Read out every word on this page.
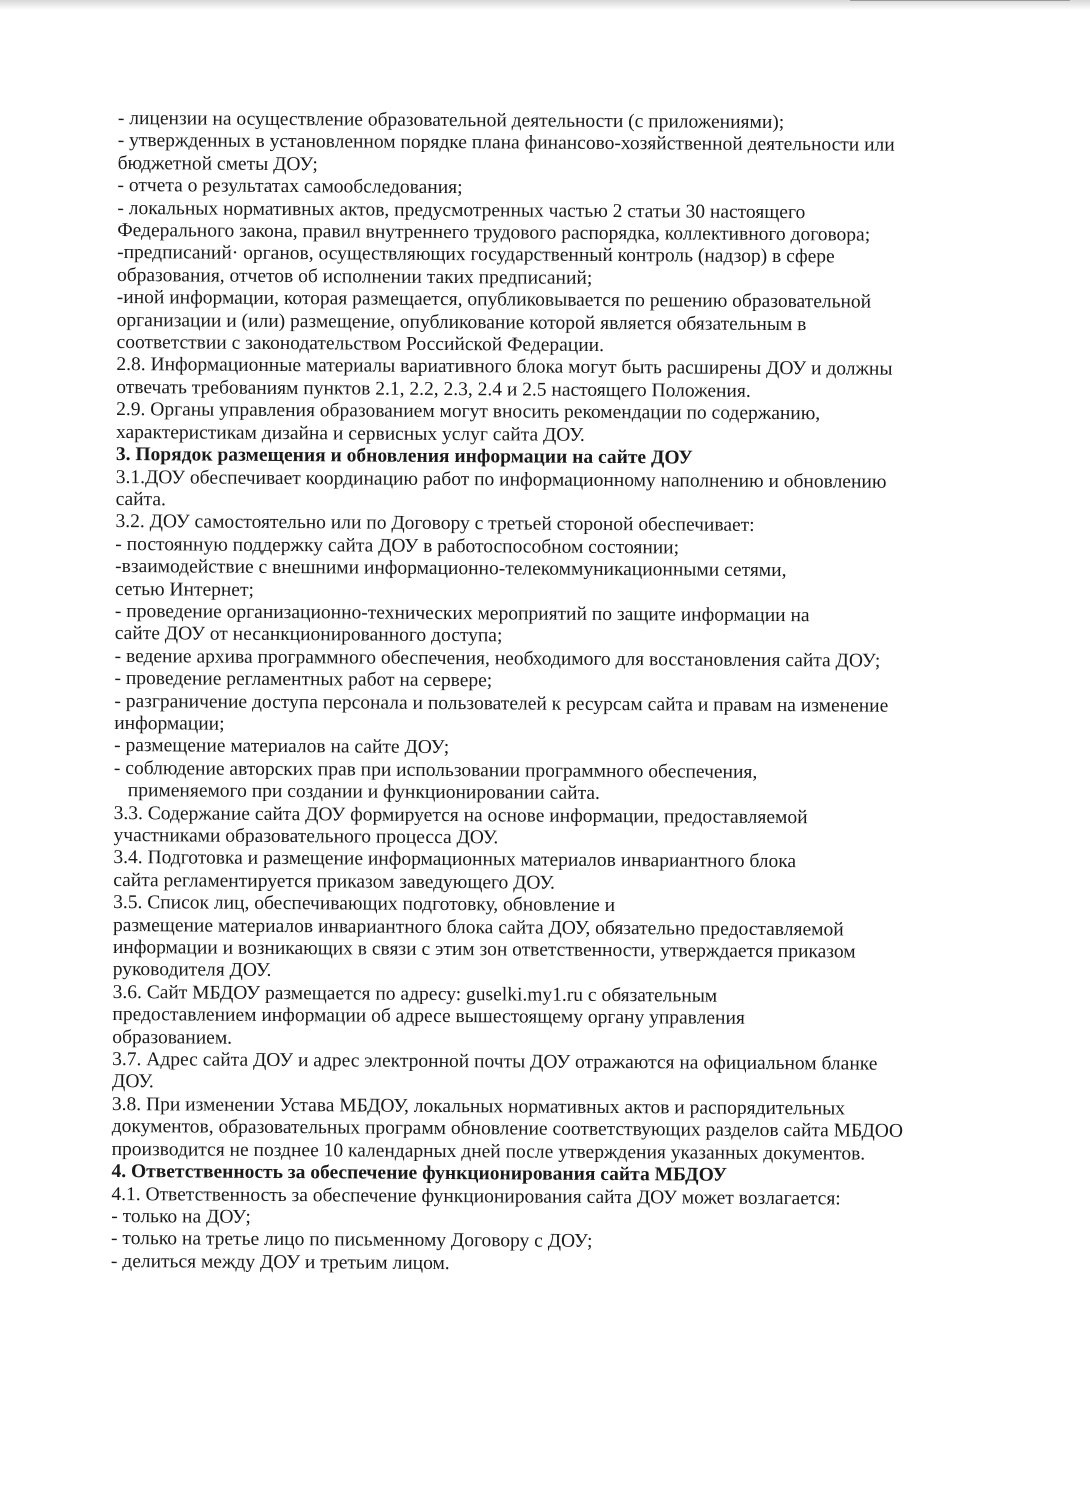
- лицензии на осуществление образовательной деятельности (с приложениями);
- утвержденных в установленном порядке плана финансово-хозяйственной деятельности или
бюджетной сметы ДОУ;
- отчета о результатах самообследования;
- локальных нормативных актов, предусмотренных частью 2 статьи 30 настоящего
Федерального закона, правил внутреннего трудового распорядка, коллективного договора;
-предписаний· органов, осуществляющих государственный контроль (надзор) в сфере
образования, отчетов об исполнении таких предписаний;
-иной информации, которая размещается, опубликовывается по решению образовательной
организации и (или) размещение, опубликование которой является обязательным в
соответствии с законодательством Российской Федерации.
2.8. Информационные материалы вариативного блока могут быть расширены ДОУ и должны
отвечать требованиям пунктов 2.1, 2.2, 2.3, 2.4 и 2.5 настоящего Положения.
2.9. Органы управления образованием могут вносить рекомендации по содержанию,
характеристикам дизайна и сервисных услуг сайта ДОУ.
3. Порядок размещения и обновления информации на сайте ДОУ
3.1.ДОУ обеспечивает координацию работ по информационному наполнению и обновлению
сайта.
3.2. ДОУ самостоятельно или по Договору с третьей стороной обеспечивает:
- постоянную поддержку сайта ДОУ в работоспособном состоянии;
-взаимодействие с внешними информационно-телекоммуникационными сетями,
сетью Интернет;
- проведение организационно-технических мероприятий по защите информации на
сайте ДОУ от несанкционированного доступа;
- ведение архива программного обеспечения, необходимого для восстановления сайта ДОУ;
- проведение регламентных работ на сервере;
- разграничение доступа персонала и пользователей к ресурсам сайта и правам на изменение
информации;
- размещение материалов на сайте ДОУ;
- соблюдение авторских прав при использовании программного обеспечения,
применяемого при создании и функционировании сайта.
3.3. Содержание сайта ДОУ формируется на основе информации, предоставляемой
участниками образовательного процесса ДОУ.
3.4. Подготовка и размещение информационных материалов инвариантного блока
сайта регламентируется приказом заведующего ДОУ.
3.5. Список лиц, обеспечивающих подготовку, обновление и
размещение материалов инвариантного блока сайта ДОУ, обязательно предоставляемой
информации и возникающих в связи с этим зон ответственности, утверждается приказом
руководителя ДОУ.
3.6. Сайт МБДОУ размещается по адресу: guselki.my1.ru с обязательным
предоставлением информации об адресе вышестоящему органу управления
образованием.
3.7. Адрес сайта ДОУ и адрес электронной почты ДОУ отражаются на официальном бланке
ДОУ.
3.8. При изменении Устава МБДОУ, локальных нормативных актов и распорядительных
документов, образовательных программ обновление соответствующих разделов сайта МБДОО
производится не позднее 10 календарных дней после утверждения указанных документов.
4. Ответственность за обеспечение функционирования сайта МБДОУ
4.1. Ответственность за обеспечение функционирования сайта ДОУ может возлагается:
- только на ДОУ;
- только на третье лицо по письменному Договору с ДОУ;
- делиться между ДОУ и третьим лицом.
